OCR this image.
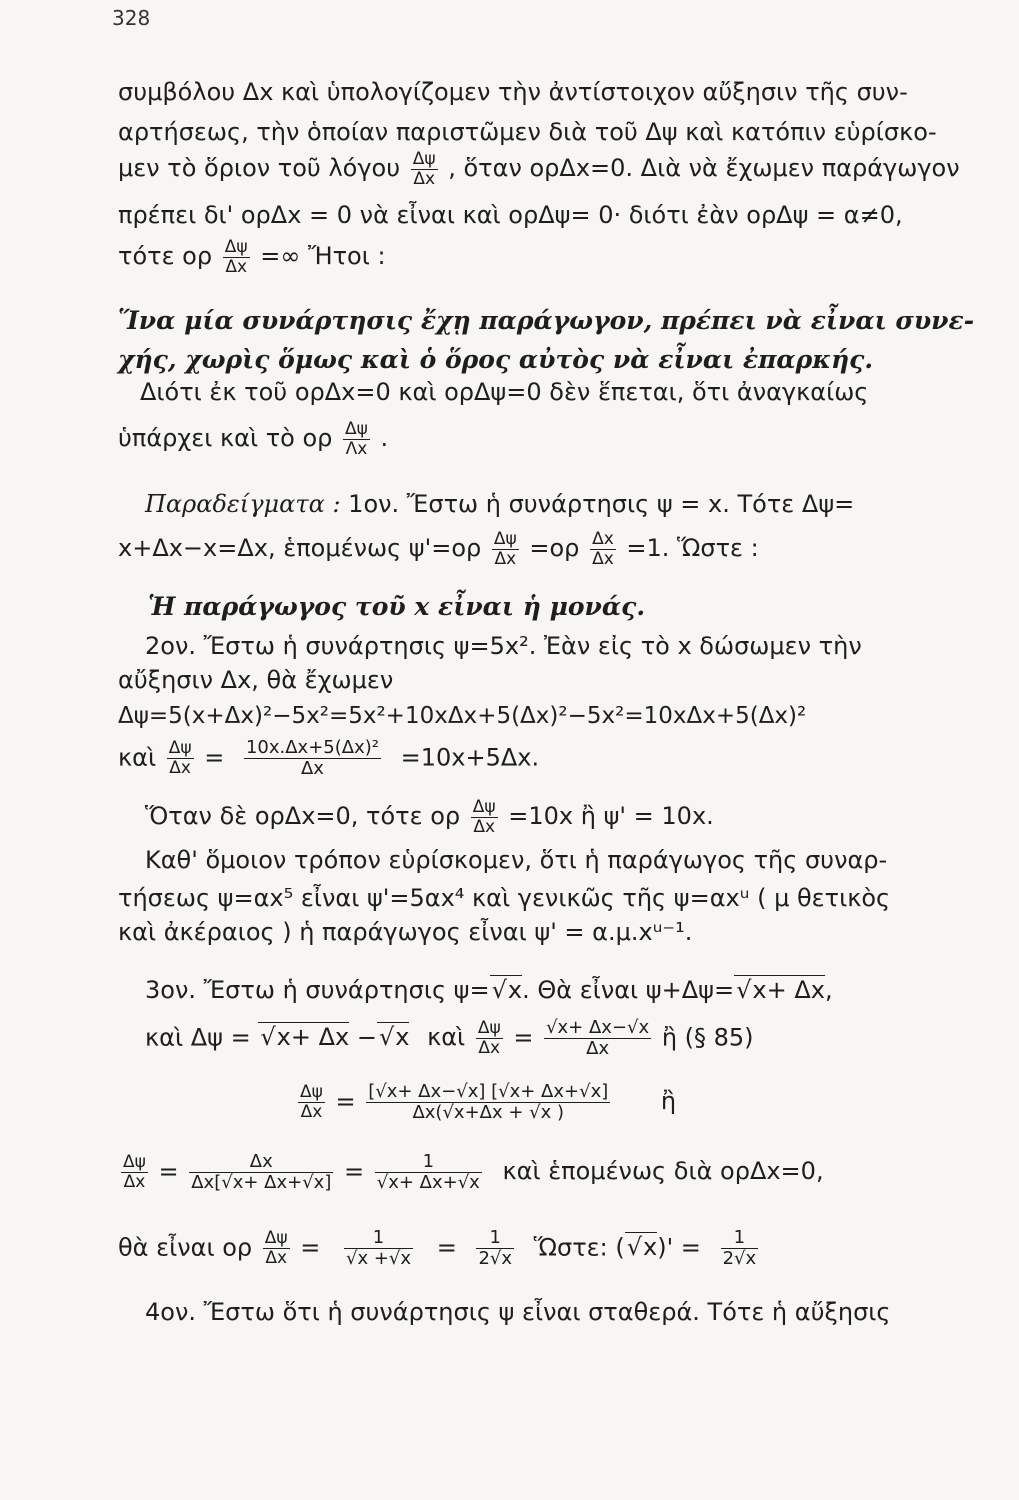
328
συμβόλου Δx καὶ ὑπολογίζομεν τὴν ἀντίστοιχον αὔξησιν τῆς συν-
αρτήσεως, τὴν ὁποίαν παριστῶμεν διὰ τοῦ Δψ καὶ κατόπιν εὑρίσκο-
μεν τὸ ὅριον τοῦ λόγου $\frac{\Delta\psi}{\Delta x}$ , ὅταν ορΔx=0. Διὰ νὰ ἔχωμεν παράγωγον
πρέπει δι' ορΔx = 0 νὰ εἶναι καὶ ορΔψ= 0· διότι ἐὰν ορΔψ = α≠0,
τότε ορ $\frac{\Delta\psi}{\Delta x}$ =∞ Ἤτοι :
Ἵνα μία συνάρτησις ἔχῃ παράγωγον, πρέπει νὰ εἶναι συνε-
χής, χωρὶς ὅμως καὶ ὁ ὅρος αὐτὸς νὰ εἶναι ἐπαρκής.
Διότι ἐκ τοῦ ορΔx=0 καὶ ορΔψ=0 δὲν ἕπεται, ὅτι ἀναγκαίως
ὑπάρχει καὶ τὸ ορ $\frac{\Delta\psi}{\Lambda x}$ .
Παραδείγματα : 1ον. Ἔστω ἡ συνάρτησις ψ = x. Τότε Δψ=
x+Δx−x=Δx, ἑπομένως $\psi'=o\rho \frac{\Delta\psi}{\Delta x} =o\rho \frac{\Delta x}{\Delta x} =1$. Ὥστε :
Ἡ παράγωγος τοῦ x εἶναι ἡ μονάς.
2ον. Ἔστω ἡ συνάρτησις ψ=5x². Ἐὰν εἰς τὸ x δώσωμεν τὴν
αὔξησιν Δx, θὰ ἔχωμεν
Δψ=5(x+Δx)²−5x²=5x²+10xΔx+5(Δx)²−5x²=10xΔx+5(Δx)²
καὶ $\frac{\Delta\psi}{\Delta x} = \frac{\text{10x.Δx+5(Δx)²}}{\Delta x} =10x+5\Delta x$.
Ὅταν δὲ ορΔx=0, τότε ορ $\frac{\Delta\psi}{\Delta x} =10x$ ἢ ψ' = 10x.
Καθ' ὅμοιον τρόπον εὑρίσκομεν, ὅτι ἡ παράγωγος τῆς συναρ-
τήσεως ψ=αx⁵ εἶναι ψ'=5αx⁴ καὶ γενικῶς τῆς ψ=αxᵘ ( μ θετικὸς
καὶ ἀκέραιος ) ἡ παράγωγος εἶναι ψ' = α.μ.xᵘ⁻¹.
3ον. Ἔστω ἡ συνάρτησις ψ= √ x. Θὰ εἶναι ψ+Δψ= √ x+ Δx,
καὶ Δψ = √ x+ Δx − √ x καὶ $\frac{\Delta\psi}{\Delta x} = \frac{√x+ \Delta x-√x}{\Delta x}$ ἢ (§ 85)
$\frac{\Delta\psi}{\Delta x} = \frac{[√x+ \Delta x-√x] [√x+ \Delta x+√x]}{\Delta x(√x+\Delta x + √x )}$ ἢ
$\frac{\Delta\psi}{\Delta x} = \frac{\Delta x}{\Delta x[√x+ \Delta x+√x]} = \frac{1}{√x+ \Delta x+√x}$ καὶ ἑπομένως διὰ ορΔx=0,
θὰ εἶναι ορ $\frac{\Delta\psi}{\Delta x} = \frac{1}{√x +√x} = \frac{1}{2√x}$ Ὥστε: ( √ $x)' = \frac{1}{2√x}$
4ον. Ἔστω ὅτι ἡ συνάρτησις ψ εἶναι σταθερά. Τότε ἡ αὔξησις
